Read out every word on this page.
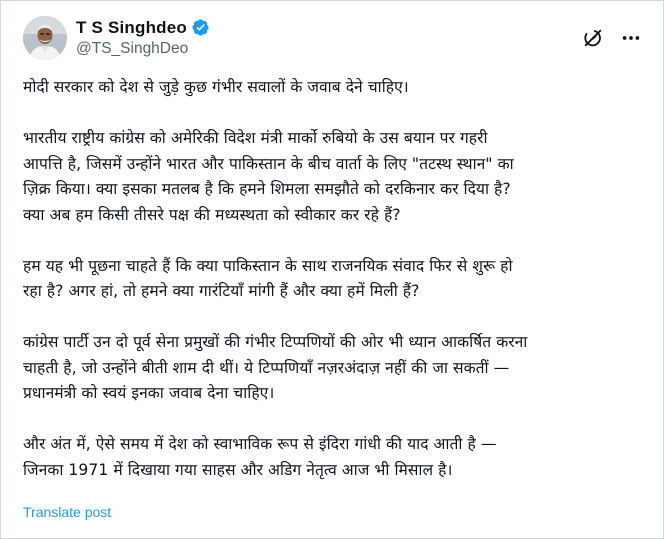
T S Singhdeo
@TS_SinghDeo
मोदी सरकार को देश से जुड़े कुछ गंभीर सवालों के जवाब देने चाहिए।
भारतीय राष्ट्रीय कांग्रेस को अमेरिकी विदेश मंत्री मार्को रुबियो के उस बयान पर गहरी
आपत्ति है, जिसमें उन्होंने भारत और पाकिस्तान के बीच वार्ता के लिए "तटस्थ स्थान" का
ज़िक्र किया। क्या इसका मतलब है कि हमने शिमला समझौते को दरकिनार कर दिया है?
क्या अब हम किसी तीसरे पक्ष की मध्यस्थता को स्वीकार कर रहे हैं?
हम यह भी पूछना चाहते हैं कि क्या पाकिस्तान के साथ राजनयिक संवाद फिर से शुरू हो
रहा है? अगर हां, तो हमने क्या गारंटियाँ मांगी हैं और क्या हमें मिली हैं?
कांग्रेस पार्टी उन दो पूर्व सेना प्रमुखों की गंभीर टिप्पणियों की ओर भी ध्यान आकर्षित करना
चाहती है, जो उन्होंने बीती शाम दी थीं। ये टिप्पणियाँ नज़रअंदाज़ नहीं की जा सकतीं —
प्रधानमंत्री को स्वयं इनका जवाब देना चाहिए।
और अंत में, ऐसे समय में देश को स्वाभाविक रूप से इंदिरा गांधी की याद आती है —
जिनका 1971 में दिखाया गया साहस और अडिग नेतृत्व आज भी मिसाल है।
Translate post
